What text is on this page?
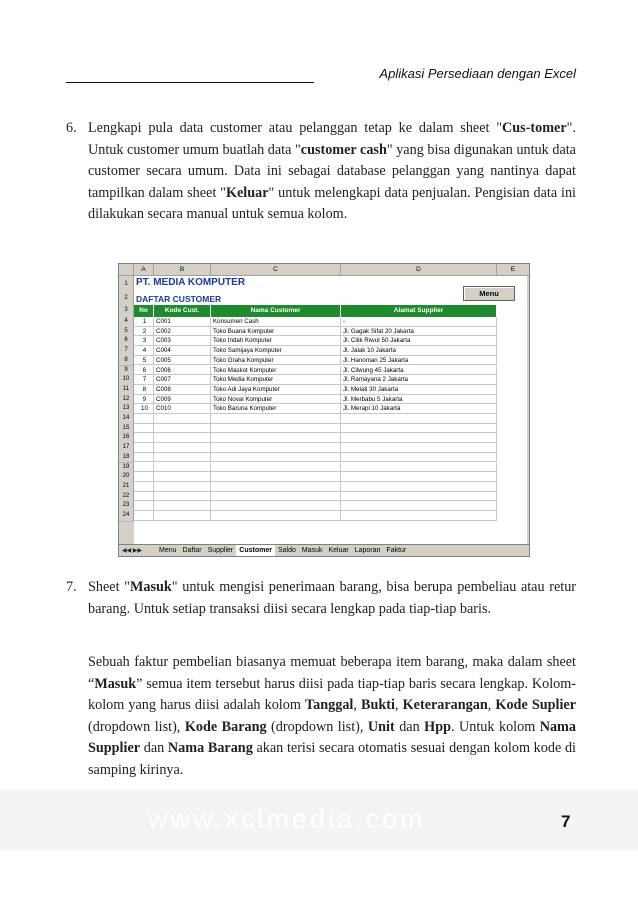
Aplikasi Persediaan dengan Excel
6. Lengkapi pula data customer atau pelanggan tetap ke dalam sheet "Cus-tomer". Untuk customer umum buatlah data "customer cash" yang bisa digunakan untuk data customer secara umum. Data ini sebagai database pelanggan yang nantinya dapat tampilkan dalam sheet "Keluar" untuk melengkapi data penjualan. Pengisian data ini dilakukan secara manual untuk semua kolom.
A	B	C	D	E
1
2
3
4
5
6
7
8
9
10
11
12
13
14
15
16
17
18
19
20
21
22
23
24
PT. MEDIA KOMPUTER
DAFTAR CUSTOMER
Menu
No	Kode Cust.	Nama Customer	Alamat Supplier
1	C001	Konsumen Cash	-
2	C002	Toko Buana Komputer	Jl. Gagak Sifat 20 Jakarta
3	C003	Toko Indah Komputer	Jl. Cilik Riwut 50 Jakarta
4	C004	Toko Samijaya Komputer	Jl. Jalak 10 Jakarta
5	C005	Toko Graha Komputer	Jl. Hanoman 25 Jakarta
6	C006	Toko Maskot Komputer	Jl. Cilwung 45 Jakarta
7	C007	Toko Media Komputer	Jl. Ramayana 2 Jakarta
8	C008	Toko Adi Jaya Komputer	Jl. Melati 30 Jakarta
9	C009	Toko Noval Komputer	Jl. Merbabu 5 Jakarta
10	C010	Toko Baruna Komputer	Jl. Merapi 10 Jakarta
◀◀ ▶▶ Menu Daftar Supplier Customer Saldo Masuk Keluar Laporan Faktur
7. Sheet "Masuk" untuk mengisi penerimaan barang, bisa berupa pembeliau atau retur barang. Untuk setiap transaksi diisi secara lengkap pada tiap-tiap baris.
Sebuah faktur pembelian biasanya memuat beberapa item barang, maka dalam sheet “Masuk” semua item tersebut harus diisi pada tiap-tiap baris secara lengkap. Kolom-kolom yang harus diisi adalah kolom Tanggal, Bukti, Keterarangan, Kode Suplier (dropdown list), Kode Barang (dropdown list), Unit dan Hpp. Untuk kolom Nama Supplier dan Nama Barang akan terisi secara otomatis sesuai dengan kolom kode di samping kirinya.
www.xclmedia.com	7
